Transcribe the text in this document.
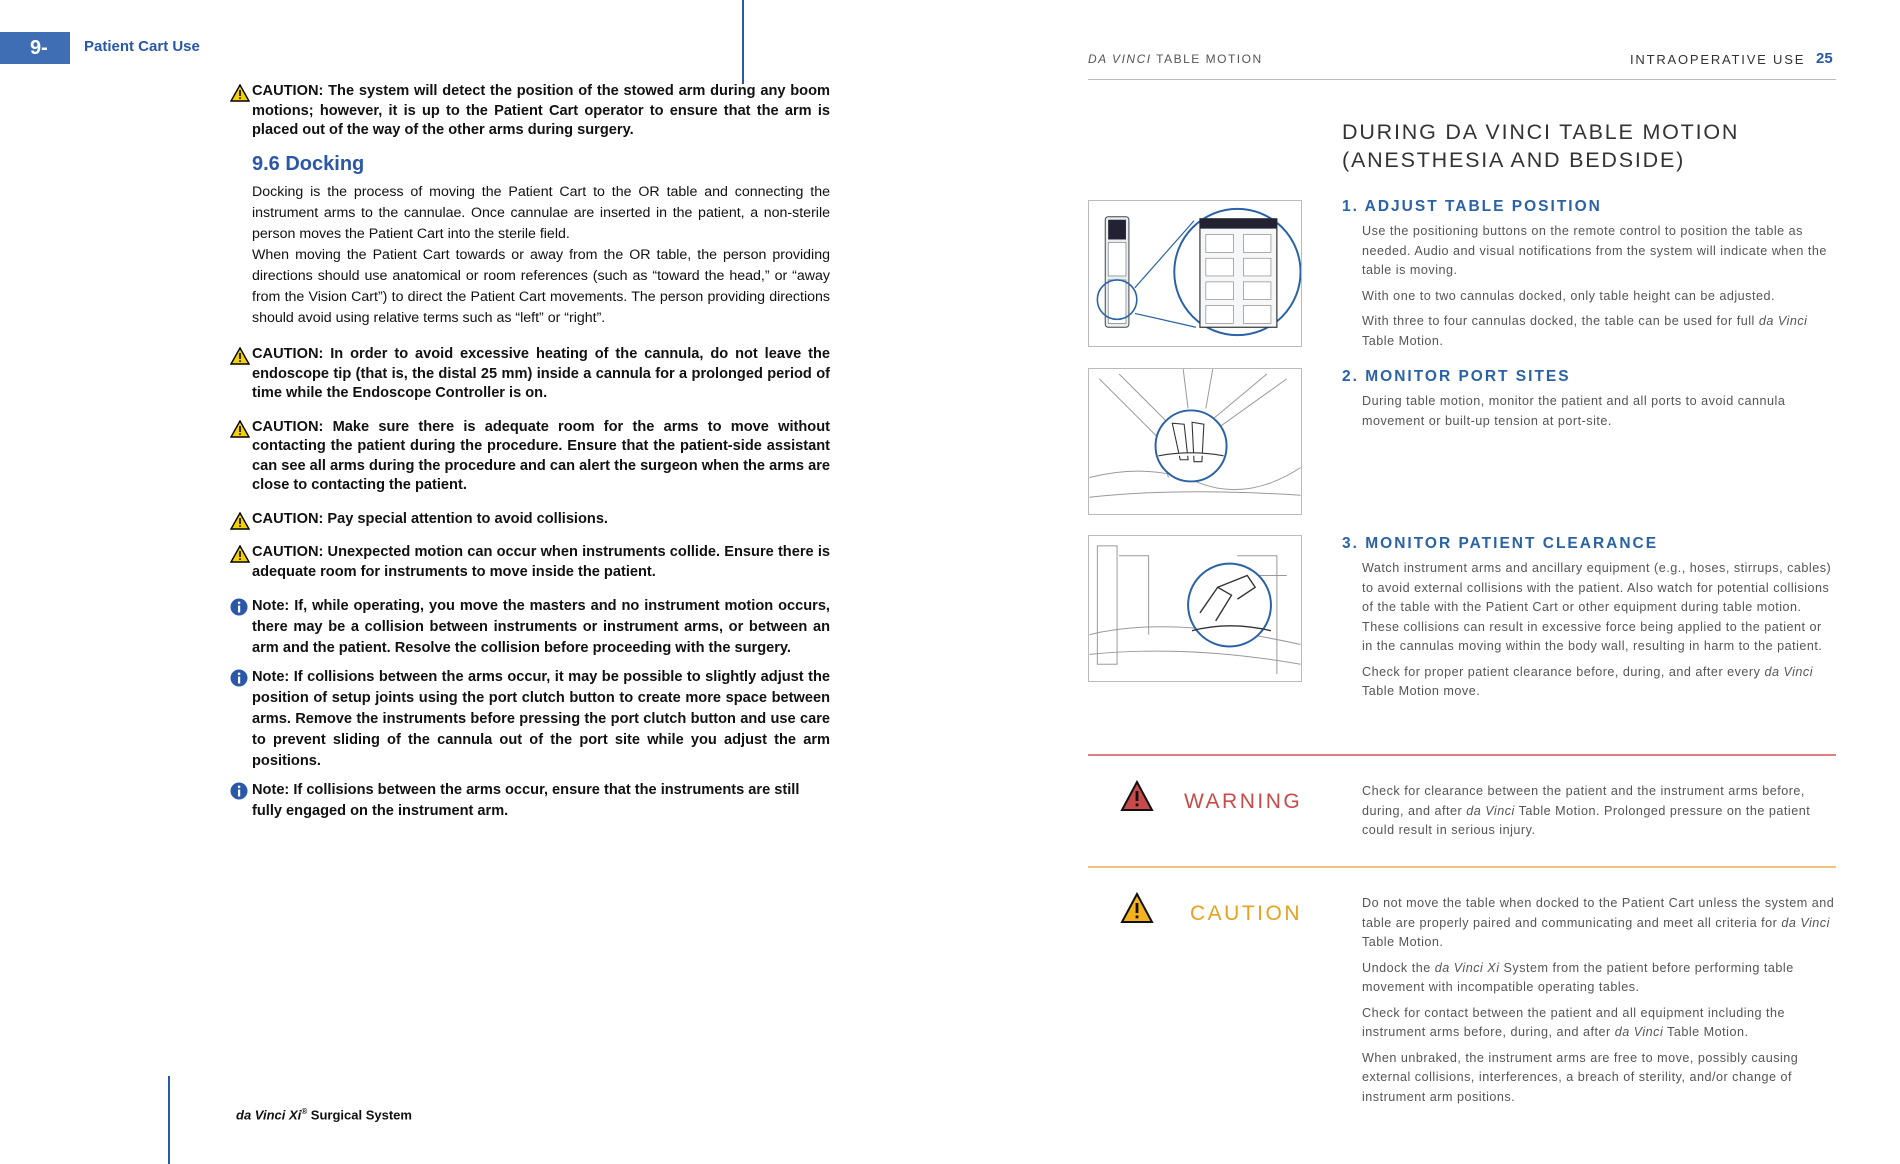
9-19
Patient Cart Use
CAUTION: The system will detect the position of the stowed arm during any boom motions; however, it is up to the Patient Cart operator to ensure that the arm is placed out of the way of the other arms during surgery.
9.6 Docking
Docking is the process of moving the Patient Cart to the OR table and connecting the instrument arms to the cannulae. Once cannulae are inserted in the patient, a non-sterile person moves the Patient Cart into the sterile field.
When moving the Patient Cart towards or away from the OR table, the person providing directions should use anatomical or room references (such as “toward the head,” or “away from the Vision Cart”) to direct the Patient Cart movements. The person providing directions should avoid using relative terms such as “left” or “right”.
CAUTION: In order to avoid excessive heating of the cannula, do not leave the endoscope tip (that is, the distal 25 mm) inside a cannula for a prolonged period of time while the Endoscope Controller is on.
CAUTION: Make sure there is adequate room for the arms to move without contacting the patient during the procedure. Ensure that the patient-side assistant can see all arms during the procedure and can alert the surgeon when the arms are close to contacting the patient.
CAUTION: Pay special attention to avoid collisions.
CAUTION: Unexpected motion can occur when instruments collide. Ensure there is adequate room for instruments to move inside the patient.
Note: If, while operating, you move the masters and no instrument motion occurs, there may be a collision between instruments or instrument arms, or between an arm and the patient. Resolve the collision before proceeding with the surgery.
Note: If collisions between the arms occur, it may be possible to slightly adjust the position of setup joints using the port clutch button to create more space between arms. Remove the instruments before pressing the port clutch button and use care to prevent sliding of the cannula out of the port site while you adjust the arm positions.
Note: If collisions between the arms occur, ensure that the instruments are still fully engaged on the instrument arm.
da Vinci Xi® Surgical System
DA VINCI TABLE MOTION	INTRAOPERATIVE USE 25
DURING DA VINCI TABLE MOTION
(ANESTHESIA AND BEDSIDE)
1. ADJUST TABLE POSITION

Use the positioning buttons on the remote control to position the table as needed. Audio and visual notifications from the system will indicate when the table is moving.

With one to two cannulas docked, only table height can be adjusted.

With three to four cannulas docked, the table can be used for full da Vinci Table Motion.

2. MONITOR PORT SITES

During table motion, monitor the patient and all ports to avoid cannula movement or built-up tension at port-site.

3. MONITOR PATIENT CLEARANCE

Watch instrument arms and ancillary equipment (e.g., hoses, stirrups, cables) to avoid external collisions with the patient. Also watch for potential collisions of the table with the Patient Cart or other equipment during table motion. These collisions can result in excessive force being applied to the patient or in the cannulas moving within the body wall, resulting in harm to the patient.

Check for proper patient clearance before, during, and after every da Vinci Table Motion move.

WARNING	Check for clearance between the patient and the instrument arms before, during, and after da Vinci Table Motion. Prolonged pressure on the patient could result in serious injury.

CAUTION	Do not move the table when docked to the Patient Cart unless the system and table are properly paired and communicating and meet all criteria for da Vinci Table Motion.

Undock the da Vinci Xi System from the patient before performing table movement with incompatible operating tables.

Check for contact between the patient and all equipment including the instrument arms before, during, and after da Vinci Table Motion.

When unbraked, the instrument arms are free to move, possibly causing external collisions, interferences, a breach of sterility, and/or change of instrument arm positions.
